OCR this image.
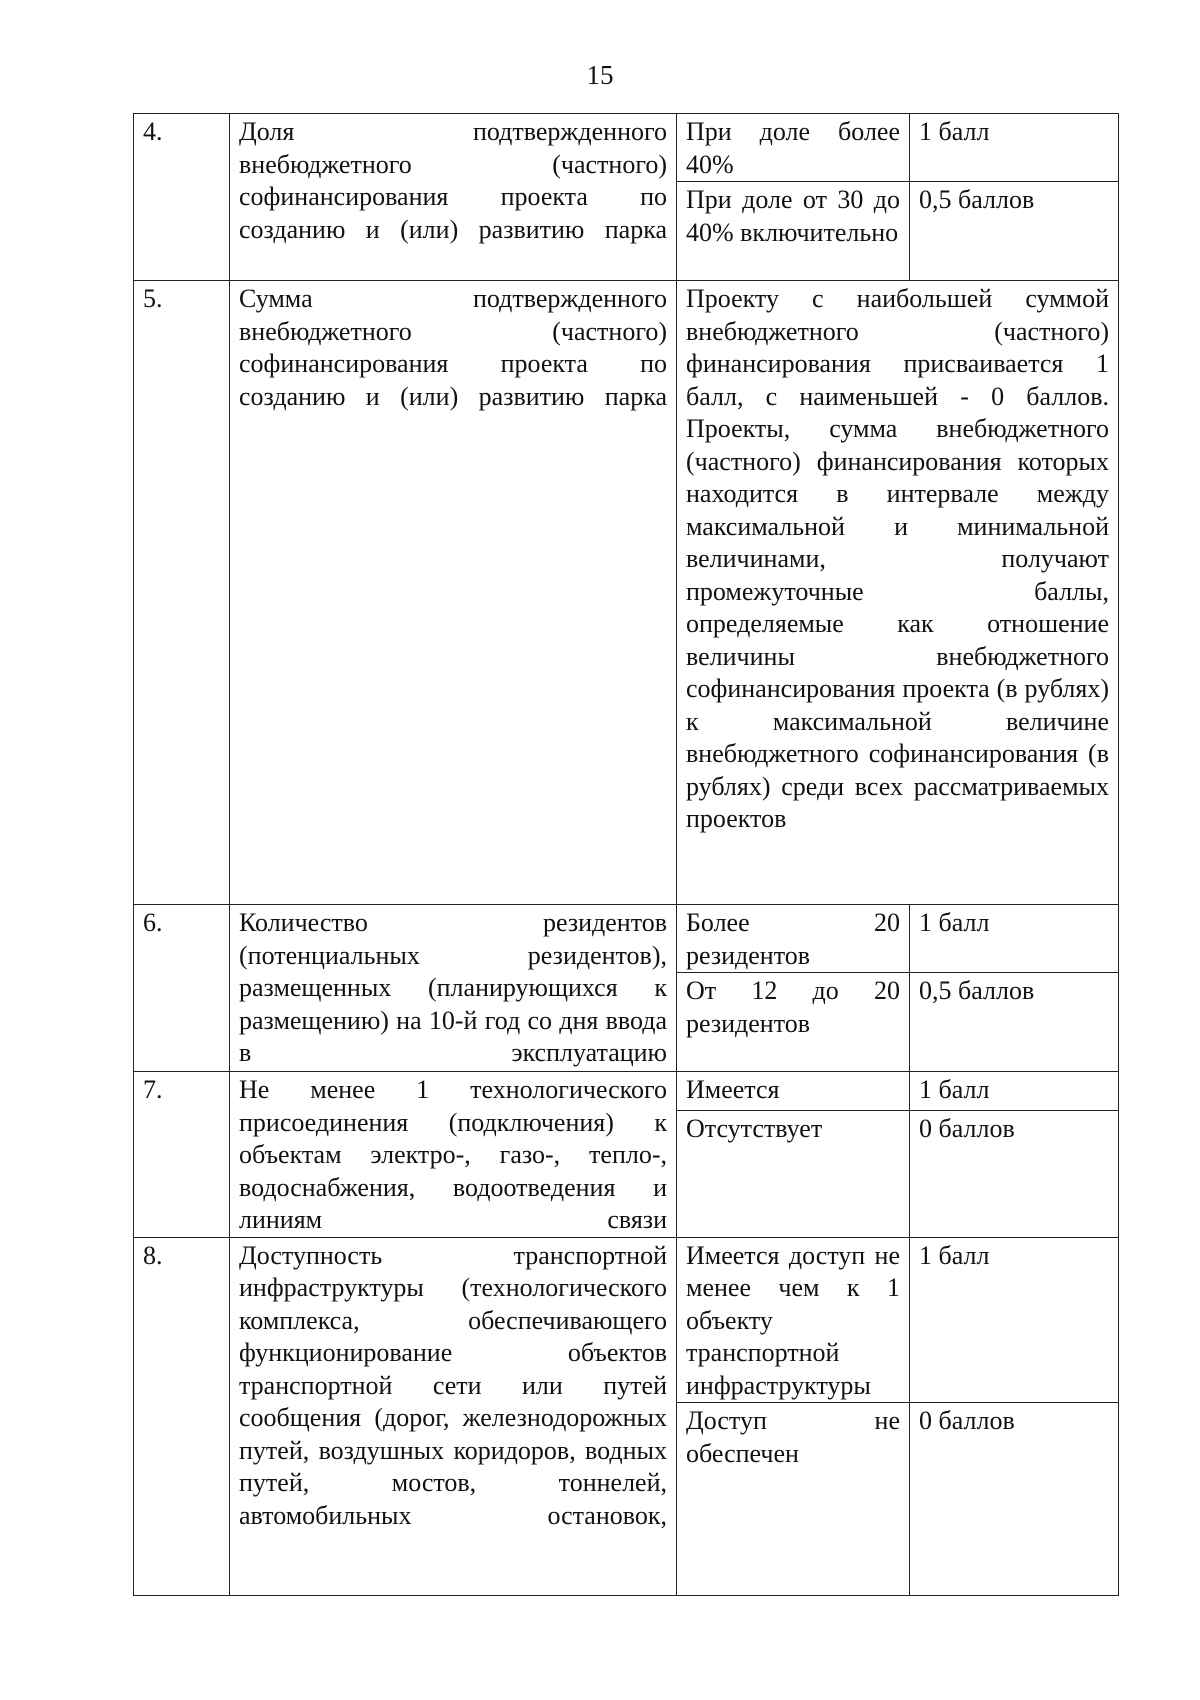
15
4.	Доля подтвержденного внебюджетного (частного) софинансирования проекта по созданию и (или) развитию парка	При доле более 40%	1 балл
		При доле от 30 до 40% включительно	0,5 баллов
5.	Сумма подтвержденного внебюджетного (частного) софинансирования проекта по созданию и (или) развитию парка	Проекту с наибольшей суммой внебюджетного (частного) финансирования присваивается 1 балл, с наименьшей - 0 баллов. Проекты, сумма внебюджетного (частного) финансирования которых находится в интервале между максимальной и минимальной величинами, получают промежуточные баллы, определяемые как отношение величины внебюджетного софинансирования проекта (в рублях) к максимальной величине внебюджетного софинансирования (в рублях) среди всех рассматриваемых проектов	
6.	Количество резидентов (потенциальных резидентов), размещенных (планирующихся к размещению) на 10-й год со дня ввода в эксплуатацию	Более 20 резидентов	1 балл
		От 12 до 20 резидентов	0,5 баллов
7.	Не менее 1 технологического присоединения (подключения) к объектам электро-, газо-, тепло-, водоснабжения, водоотведения и линиям связи	Имеется	1 балл
		Отсутствует	0 баллов
8.	Доступность транспортной инфраструктуры (технологического комплекса, обеспечивающего функционирование объектов транспортной сети или путей сообщения (дорог, железнодорожных путей, воздушных коридоров, водных путей, мостов, тоннелей, автомобильных остановок,	Имеется доступ не менее чем к 1 объекту транспортной инфраструктуры	1 балл
		Доступ не обеспечен	0 баллов
